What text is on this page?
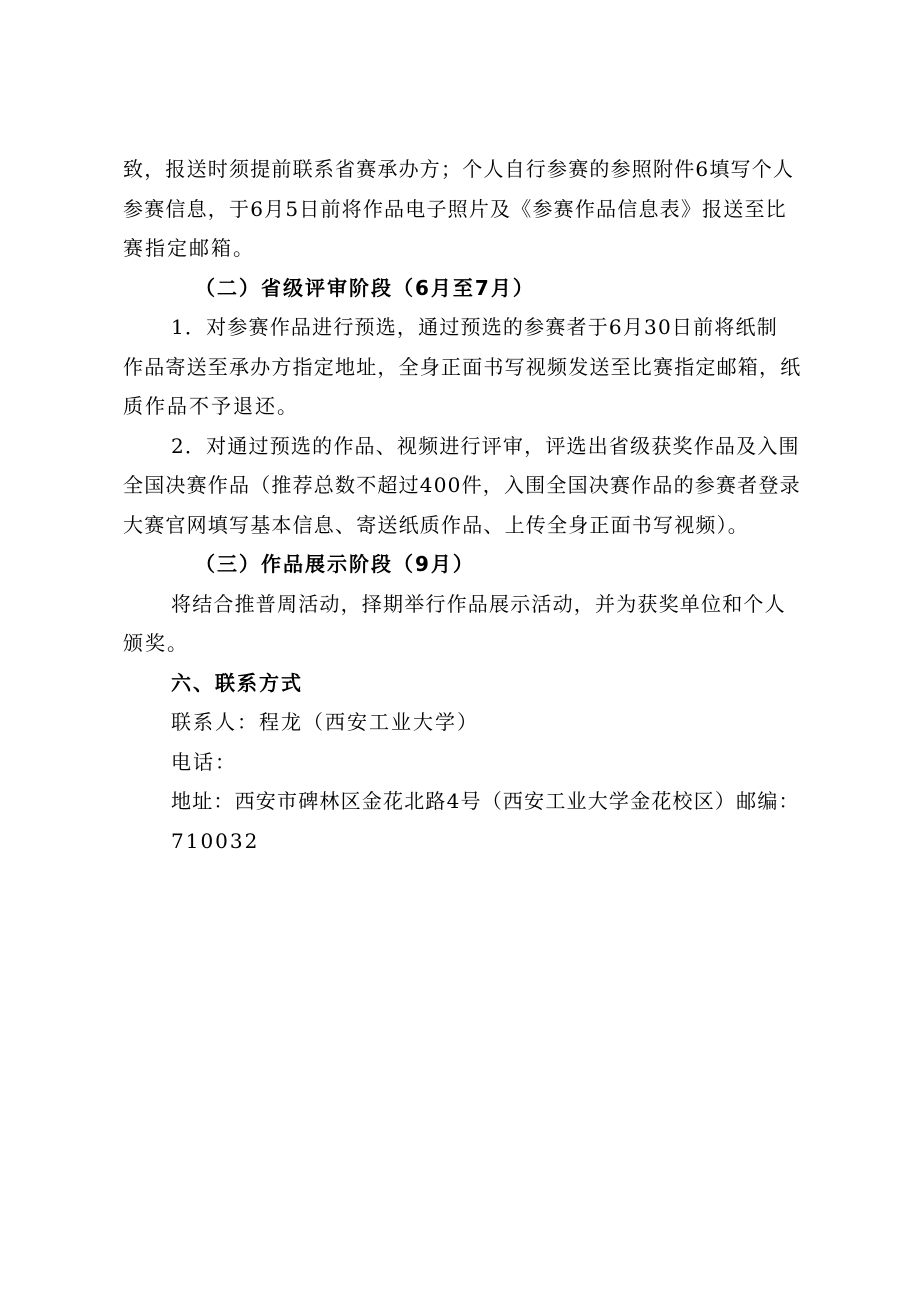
致，报送时须提前联系省赛承办方；个人自行参赛的参照附件6填写个人
参赛信息，于6月5日前将作品电子照片及《参赛作品信息表》报送至比
赛指定邮箱。
（二）省级评审阶段（6月至7月）
1．对参赛作品进行预选，通过预选的参赛者于6月30日前将纸制
作品寄送至承办方指定地址，全身正面书写视频发送至比赛指定邮箱，纸
质作品不予退还。
2．对通过预选的作品、视频进行评审，评选出省级获奖作品及入围
全国决赛作品（推荐总数不超过400件，入围全国决赛作品的参赛者登录
大赛官网填写基本信息、寄送纸质作品、上传全身正面书写视频）。
（三）作品展示阶段（9月）
将结合推普周活动，择期举行作品展示活动，并为获奖单位和个人
颁奖。
六、联系方式
联系人：程龙（西安工业大学）
电话：
地址：西安市碑林区金花北路4号（西安工业大学金花校区）邮编：
710032
